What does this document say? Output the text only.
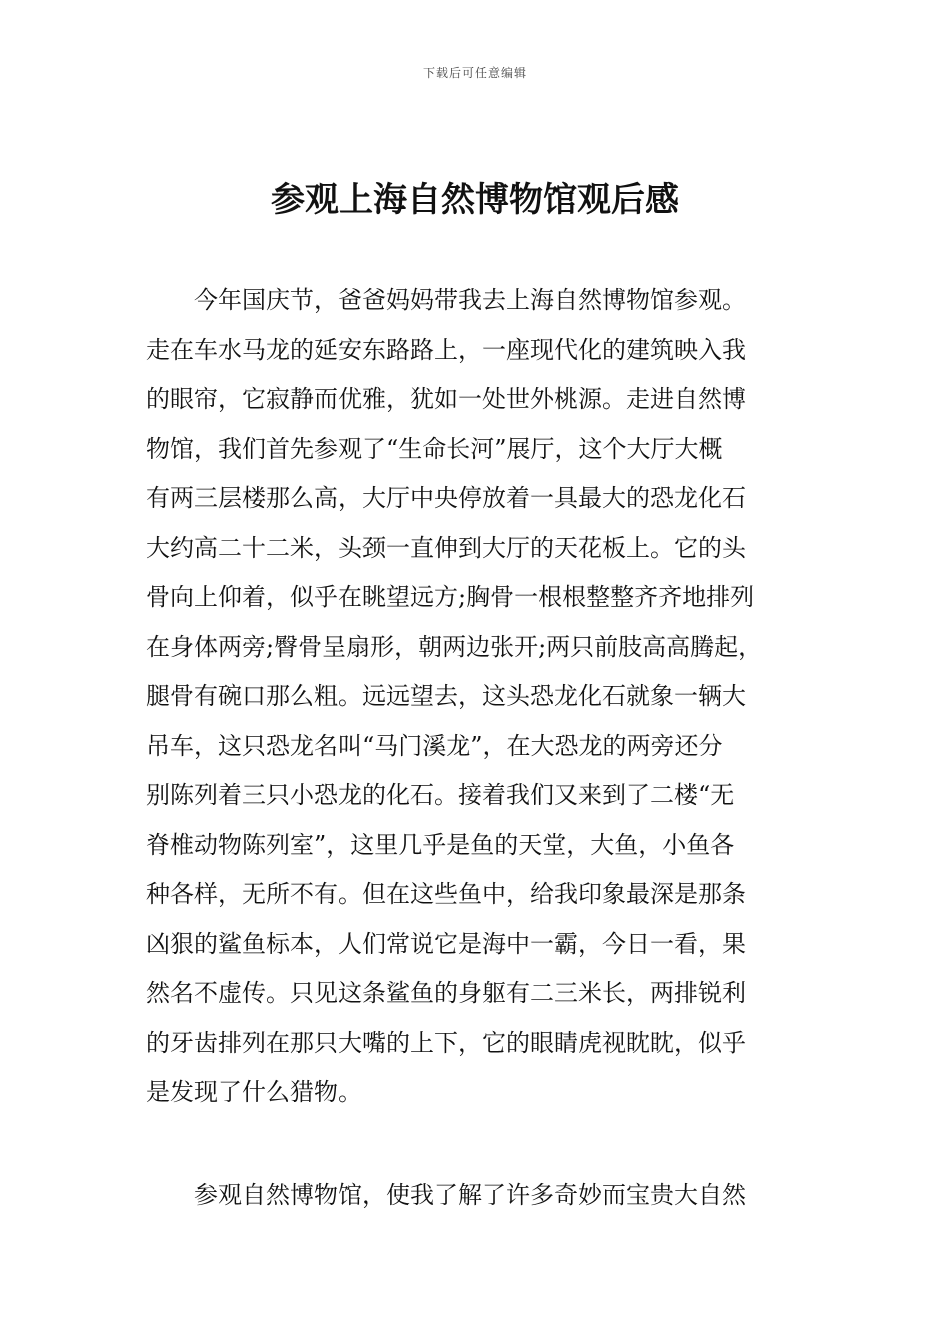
下载后可任意编辑
参观上海自然博物馆观后感
今年国庆节，爸爸妈妈带我去上海自然博物馆参观。
走在车水马龙的延安东路路上，一座现代化的建筑映入我
的眼帘，它寂静而优雅，犹如一处世外桃源。走进自然博
物馆，我们首先参观了“生命长河”展厅，这个大厅大概
有两三层楼那么高，大厅中央停放着一具最大的恐龙化石
大约高二十二米，头颈一直伸到大厅的天花板上。它的头
骨向上仰着，似乎在眺望远方;胸骨一根根整整齐齐地排列
在身体两旁;臀骨呈扇形，朝两边张开;两只前肢高高腾起，
腿骨有碗口那么粗。远远望去，这头恐龙化石就象一辆大
吊车，这只恐龙名叫“马门溪龙”，在大恐龙的两旁还分
别陈列着三只小恐龙的化石。接着我们又来到了二楼“无
脊椎动物陈列室”，这里几乎是鱼的天堂，大鱼，小鱼各
种各样，无所不有。但在这些鱼中，给我印象最深是那条
凶狠的鲨鱼标本，人们常说它是海中一霸，今日一看，果
然名不虚传。只见这条鲨鱼的身躯有二三米长，两排锐利
的牙齿排列在那只大嘴的上下，它的眼睛虎视眈眈，似乎
是发现了什么猎物。
参观自然博物馆，使我了解了许多奇妙而宝贵大自然
